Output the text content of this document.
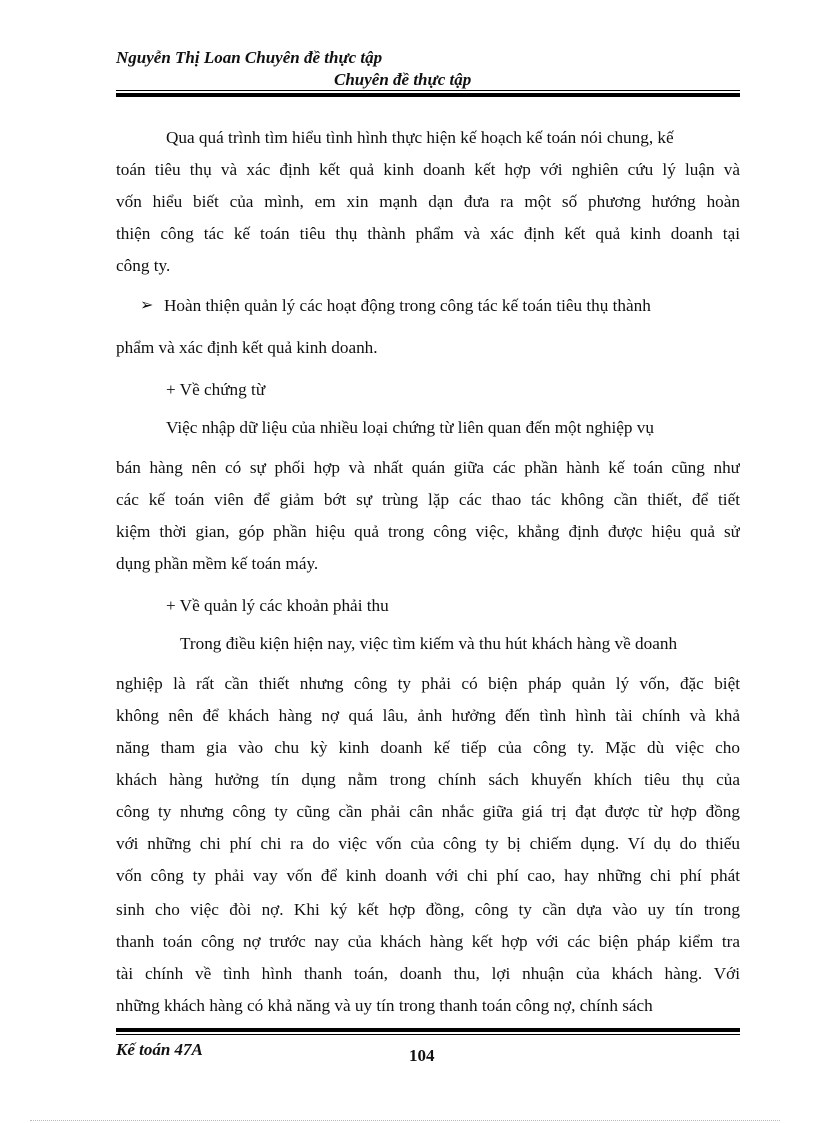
Nguyễn Thị Loan Chuyên đề thực tập
Chuyên đề thực tập
Qua quá trình tìm hiểu tình hình thực hiện kế hoạch kế toán nói chung, kế
toán tiêu thụ và xác định kết quả kinh doanh kết hợp với nghiên cứu lý luận và
vốn hiểu biết của mình, em xin mạnh dạn đưa ra một số phương hướng hoàn
thiện công tác kế toán tiêu thụ thành phẩm và xác định kết quả kinh doanh tại
công ty.
➢ Hoàn thiện quản lý các hoạt động trong công tác kế toán tiêu thụ thành
phẩm và xác định kết quả kinh doanh.
+ Về chứng từ
Việc nhập dữ liệu của nhiều loại chứng từ liên quan đến một nghiệp vụ
bán hàng nên có sự phối hợp và nhất quán giữa các phần hành kế toán cũng như
các kế toán viên để giảm bớt sự trùng lặp các thao tác không cần thiết, để tiết
kiệm thời gian, góp phần hiệu quả trong công việc, khẳng định được hiệu quả sử
dụng phần mềm kế toán máy.
+ Về quản lý các khoản phải thu
Trong điều kiện hiện nay, việc tìm kiếm và thu hút khách hàng về doanh
nghiệp là rất cần thiết nhưng công ty phải có biện pháp quản lý vốn, đặc biệt
không nên để khách hàng nợ quá lâu, ảnh hưởng đến tình hình tài chính và khả
năng tham gia vào chu kỳ kinh doanh kế tiếp của công ty. Mặc dù việc cho
khách hàng hưởng tín dụng nằm trong chính sách khuyến khích tiêu thụ của
công ty nhưng công ty cũng cần phải cân nhắc giữa giá trị đạt được từ hợp đồng
với những chi phí chi ra do việc vốn của công ty bị chiếm dụng. Ví dụ do thiếu
vốn công ty phải vay vốn để kinh doanh với chi phí cao, hay những chi phí phát
sinh cho việc đòi nợ. Khi ký kết hợp đồng, công ty cần dựa vào uy tín trong
thanh toán công nợ trước nay của khách hàng kết hợp với các biện pháp kiểm tra
tài chính về tình hình thanh toán, doanh thu, lợi nhuận của khách hàng. Với
những khách hàng có khả năng và uy tín trong thanh toán công nợ, chính sách
Kế toán 47A	104
